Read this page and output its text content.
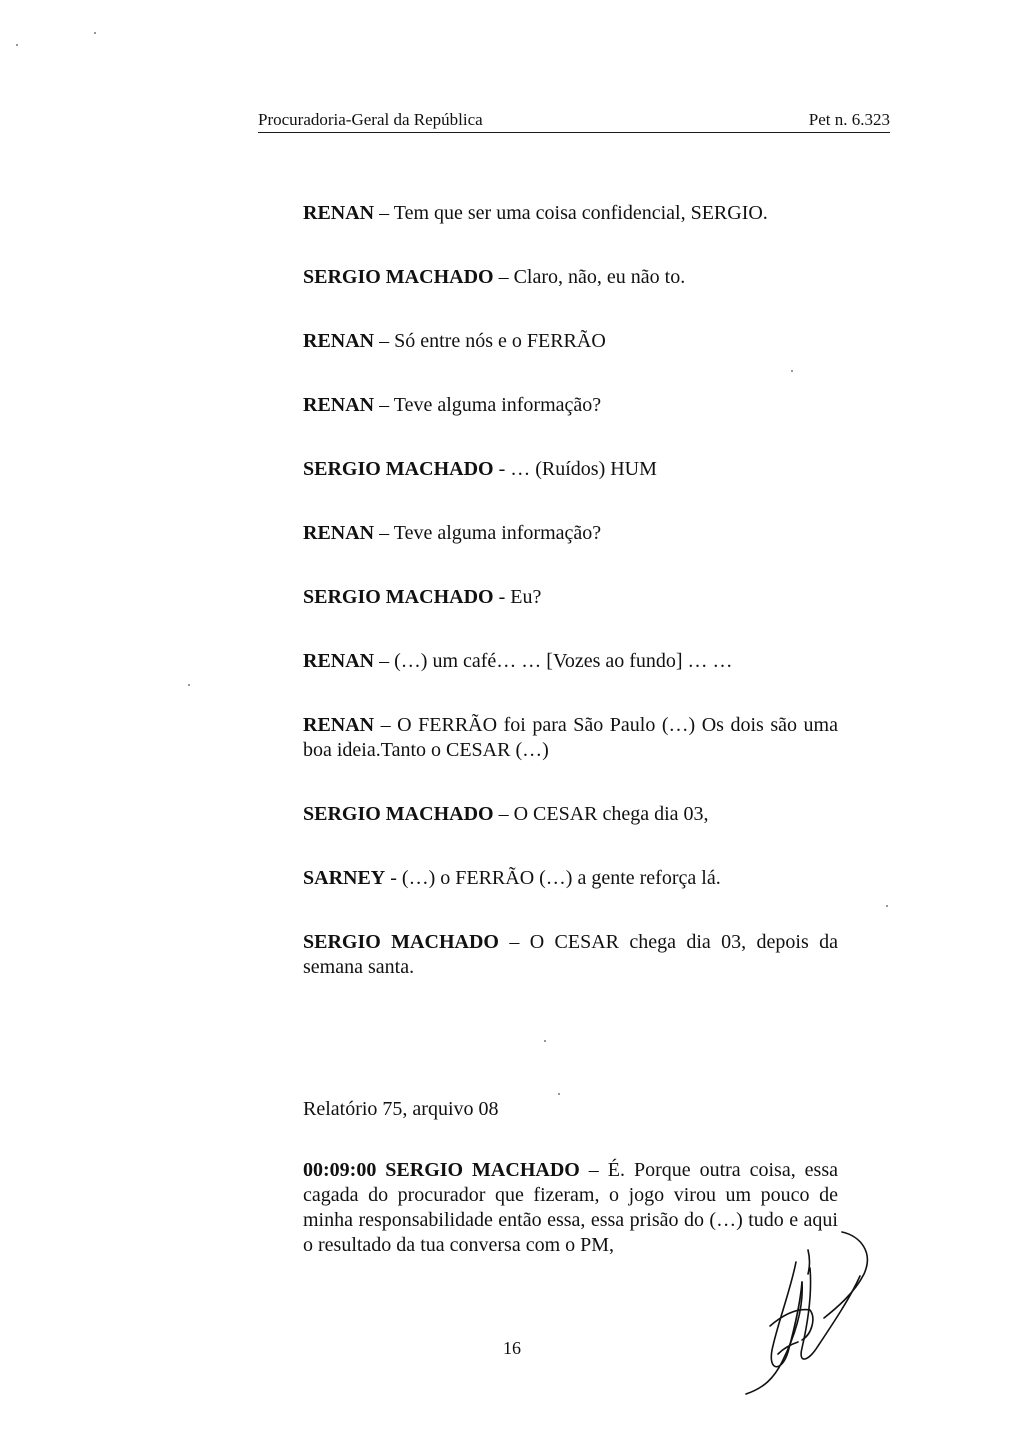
Procuradoria-Geral da República	Pet n. 6.323

RENAN – Tem que ser uma coisa confidencial, SERGIO.

SERGIO MACHADO – Claro, não, eu não to.

RENAN – Só entre nós e o FERRÃO

RENAN – Teve alguma informação?

SERGIO MACHADO - … (Ruídos) HUM

RENAN – Teve alguma informação?

SERGIO MACHADO - Eu?

RENAN – (…) um café… … [Vozes ao fundo] … …

RENAN – O FERRÃO foi para São Paulo (…) Os dois são uma boa ideia.Tanto o CESAR (…)

SERGIO MACHADO – O CESAR chega dia 03,

SARNEY - (…) o FERRÃO (…) a gente reforça lá.

SERGIO MACHADO – O CESAR chega dia 03, depois da semana santa.

Relatório 75, arquivo 08

00:09:00 SERGIO MACHADO – É. Porque outra coisa, essa cagada do procurador que fizeram, o jogo virou um pouco de minha responsabilidade então essa, essa prisão do (…) tudo e aqui o resultado da tua conversa com o PM,

16
